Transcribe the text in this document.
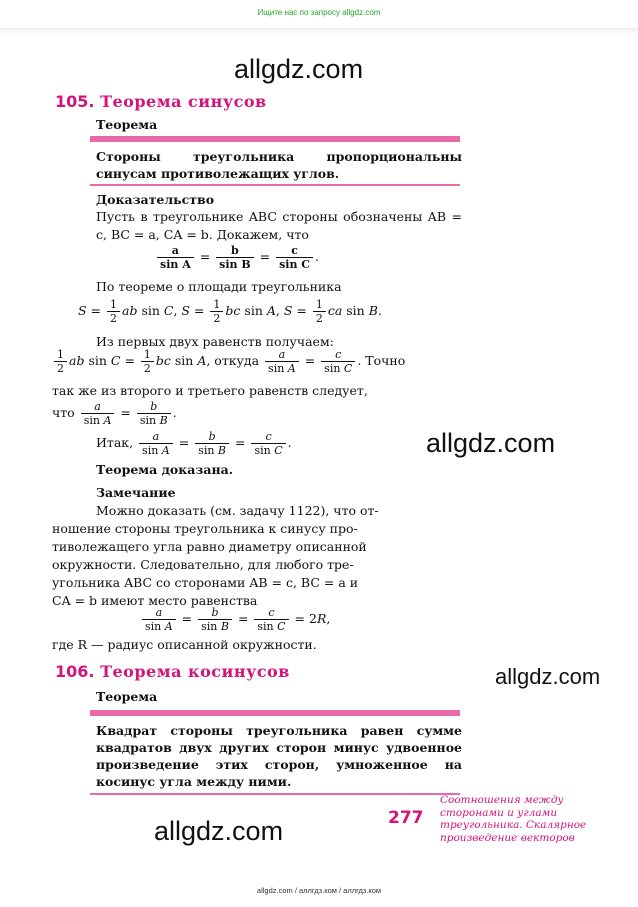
Ищите нас по запросу allgdz.com
allgdz.com
105. Теорема синусов
Теорема
Стороны треугольника пропорциональны синусам противолежащих углов.
Доказательство
Пусть в треугольнике ABC стороны обозначены AB = c, BC = a, CA = b. Докажем, что
$\frac{a}{\text{sin A}} = \frac{b}{\text{sin B}} = \frac{c}{\text{sin C}}$ .
По теореме о площади треугольника
$S = \frac{1}{2}$ ab sin C, $S = \frac{1}{2}$ bc sin A, $S = \frac{1}{2}$ ca sin B.
Из первых двух равенств получаем:
$\frac{1}{2}$ ab $\sin C = \frac{1}{2}$ bc sin A, откуда $\frac{a}{\text{sin A}} = \frac{c}{\text{sin C}}$ . Точно
так же из второго и третьего равенств следует,
что $\frac{a}{\text{sin A}} = \frac{b}{\text{sin B}}$ .
Итак, $\frac{a}{\text{sin A}} = \frac{b}{\text{sin B}} = \frac{c}{\text{sin C}}$ .	allgdz.com
Теорема доказана.
Замечание
Можно доказать (см. задачу 1122), что от-
ношение стороны треугольника к синусу про-
тиволежащего угла равно диаметру описанной
окружности. Следовательно, для любого тре-
угольника ABC со сторонами AB = c, BC = a и
CA = b имеют место равенства
$\frac{a}{\text{sin A}} = \frac{b}{\text{sin B}} = \frac{c}{\text{sin C}} = 2R$,
где R — радиус описанной окружности.
106. Теорема косинусов	allgdz.com
Теорема
Квадрат стороны треугольника равен сумме квадратов двух других сторон минус удвоенное произведение этих сторон, умноженное на косинус угла между ними.
277
Соотношения между
сторонами и углами
треугольника. Скалярное
произведение векторов
allgdz.com
allgdz.com / аллгдз.ком / аллгдз.ком
